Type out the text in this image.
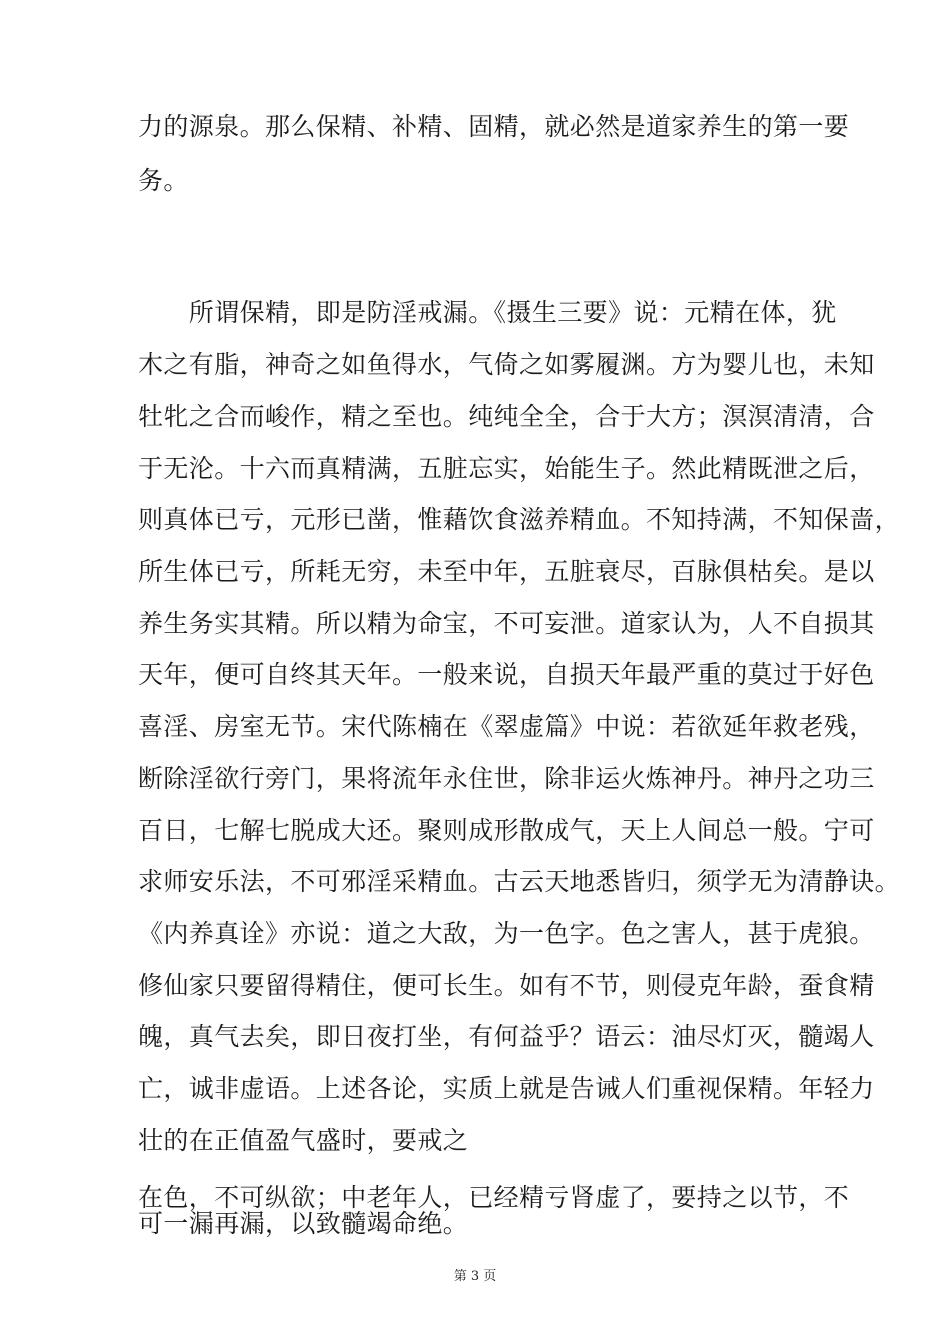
力的源泉。那么保精、补精、固精，就必然是道家养生的第一要
务。
　　所谓保精，即是防淫戒漏。《摄生三要》说：元精在体，犹
木之有脂，神奇之如鱼得水，气倚之如雾履渊。方为婴儿也，未知
牡牝之合而峻作，精之至也。纯纯全全，合于大方；溟溟清清，合
于无沦。十六而真精满，五脏忘实，始能生子。然此精既泄之后，
则真体已亏，元形已凿，惟藉饮食滋养精血。不知持满，不知保啬，
所生体已亏，所耗无穷，未至中年，五脏衰尽，百脉俱枯矣。是以
养生务实其精。所以精为命宝，不可妄泄。道家认为，人不自损其
天年，便可自终其天年。一般来说，自损天年最严重的莫过于好色
喜淫、房室无节。宋代陈楠在《翠虚篇》中说：若欲延年救老残，
断除淫欲行旁门，果将流年永住世，除非运火炼神丹。神丹之功三
百日，七解七脱成大还。聚则成形散成气，天上人间总一般。宁可
求师安乐法，不可邪淫采精血。古云天地悉皆归，须学无为清静诀。
《内养真诠》亦说：道之大敌，为一色字。色之害人，甚于虎狼。
修仙家只要留得精住，便可长生。如有不节，则侵克年龄，蚕食精
魄，真气去矣，即日夜打坐，有何益乎？语云：油尽灯灭，髓竭人
亡，诚非虚语。上述各论，实质上就是告诫人们重视保精。年轻力
壮的在正值盈气盛时，要戒之
在色，不可纵欲；中老年人，已经精亏肾虚了，要持之以节，不
可一漏再漏，以致髓竭命绝。
第 3 页
